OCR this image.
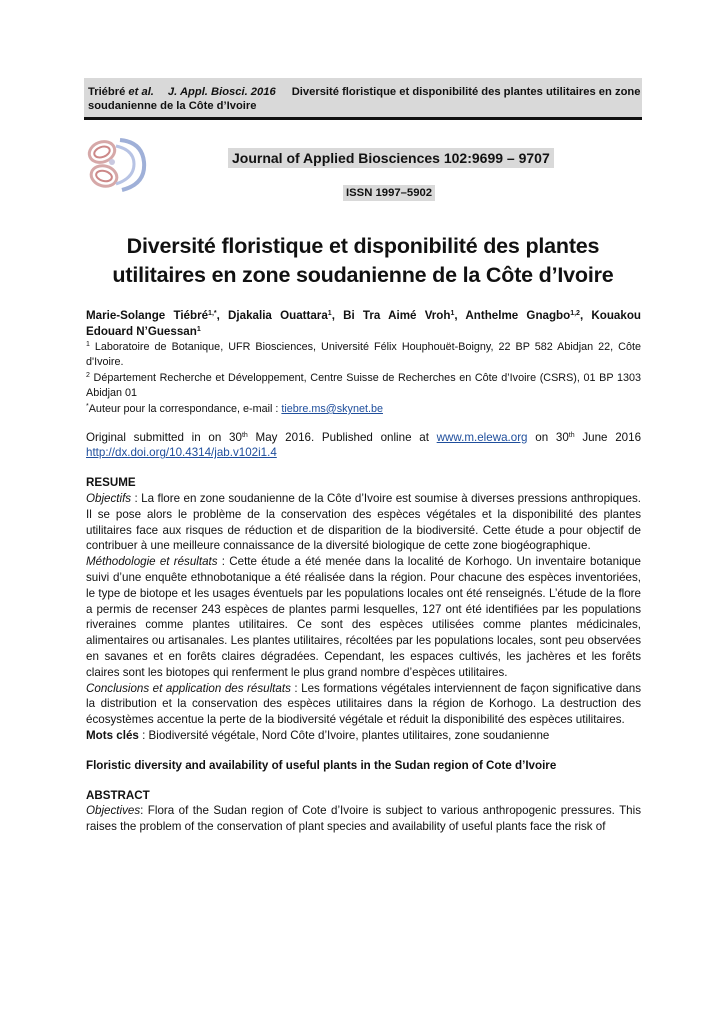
Triébré
et al. J. Appl. Biosci. 2016 Diversité floristique et disponibilité des plantes utilitaires en zone
soudanienne de la Côte d’Ivoire
Journal of Applied Biosciences 102:9699 – 9707
ISSN 1997–5902
Diversité floristique et disponibilité des plantes
utilitaires en zone soudanienne de la Côte d’Ivoire

Marie-Solange Tiébré$^{1,*}$, Djakalia Ouattara$^1$, Bi Tra Aimé Vroh$^1$, Anthelme Gnagbo$^{1,2}$, Kouakou Edouard N’Guessan$^1$

$^1$ Laboratoire de Botanique, UFR Biosciences, Université Félix Houphouët-Boigny, 22 BP 582 Abidjan 22, Côte d'Ivoire.

$^2$ Département Recherche et Développement, Centre Suisse de Recherches en Côte d’Ivoire (CSRS), 01 BP 1303 Abidjan 01

*Auteur pour la correspondance, e-mail : tiebre.ms@skynet.be

Original submitted in on 30th May 2016. Published online at www.m.elewa.org on 30th June 2016 http://dx.doi.org/10.4314/jab.v102i1.4

RESUME

Objectifs : La flore en zone soudanienne de la Côte d’Ivoire est soumise à diverses pressions anthropiques. Il se pose alors le problème de la conservation des espèces végétales et la disponibilité des plantes utilitaires face aux risques de réduction et de disparition de la biodiversité. Cette étude a pour objectif de contribuer à une meilleure connaissance de la diversité biologique de cette zone biogéographique.

Méthodologie et résultats : Cette étude a été menée dans la localité de Korhogo. Un inventaire botanique suivi d’une enquête ethnobotanique a été réalisée dans la région. Pour chacune des espèces inventoriées, le type de biotope et les usages éventuels par les populations locales ont été renseignés. L’étude de la flore a permis de recenser 243 espèces de plantes parmi lesquelles, 127 ont été identifiées par les populations riveraines comme plantes utilitaires. Ce sont des espèces utilisées comme plantes médicinales, alimentaires ou artisanales. Les plantes utilitaires, récoltées par les populations locales, sont peu observées en savanes et en forêts claires dégradées. Cependant, les espaces cultivés, les jachères et les forêts claires sont les biotopes qui renferment le plus grand nombre d’espèces utilitaires.

Conclusions et application des résultats : Les formations végétales interviennent de façon significative dans la distribution et la conservation des espèces utilitaires dans la région de Korhogo. La destruction des écosystèmes accentue la perte de la biodiversité végétale et réduit la disponibilité des espèces utilitaires.

Mots clés : Biodiversité végétale, Nord Côte d’Ivoire, plantes utilitaires, zone soudanienne

Floristic diversity and availability of useful plants in the Sudan region of Cote d’Ivoire

ABSTRACT

Objectives: Flora of the Sudan region of Cote d’Ivoire is subject to various anthropogenic pressures. This raises the problem of the conservation of plant species and availability of useful plants face the risk of
